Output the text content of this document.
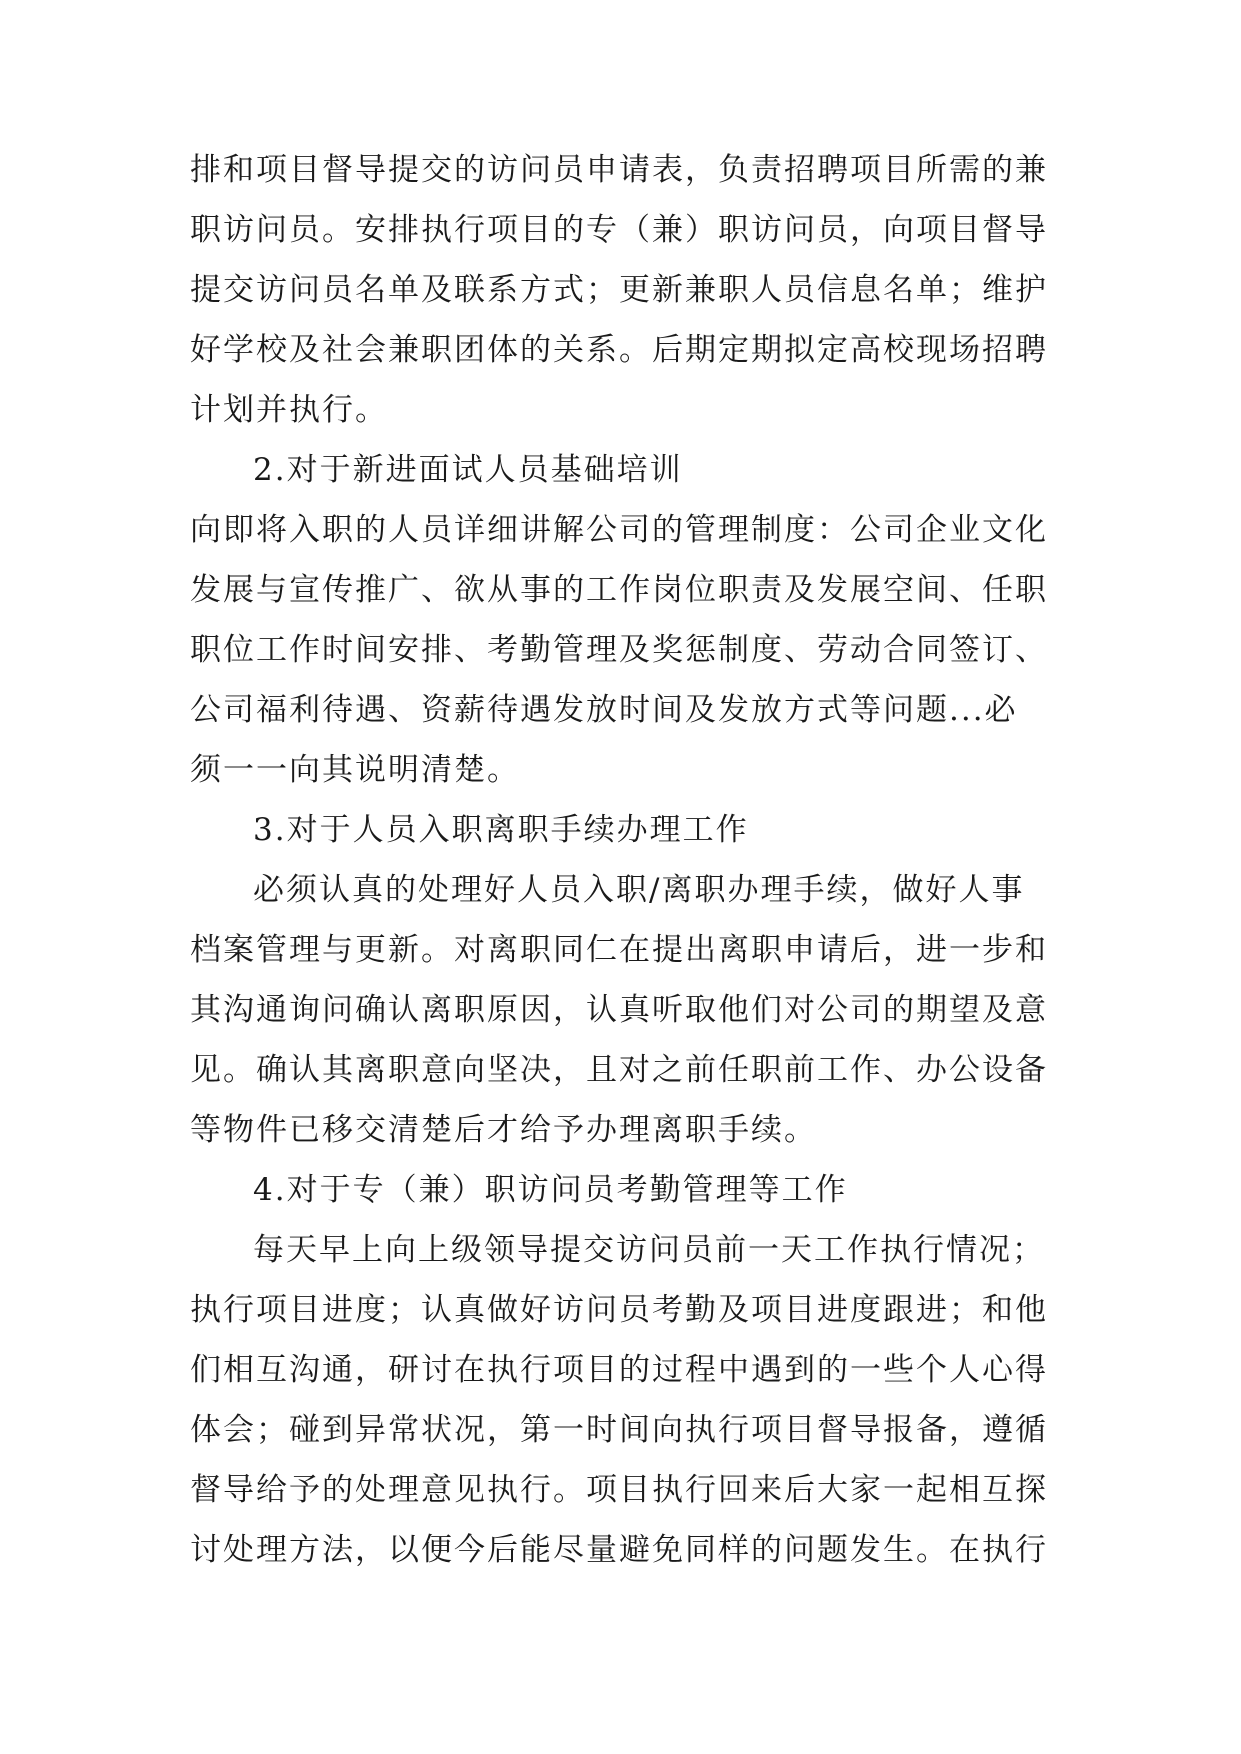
排和项目督导提交的访问员申请表，负责招聘项目所需的兼
职访问员。安排执行项目的专（兼）职访问员，向项目督导
提交访问员名单及联系方式；更新兼职人员信息名单；维护
好学校及社会兼职团体的关系。后期定期拟定高校现场招聘
计划并执行。
2.对于新进面试人员基础培训
向即将入职的人员详细讲解公司的管理制度：公司企业文化
发展与宣传推广、欲从事的工作岗位职责及发展空间、任职
职位工作时间安排、考勤管理及奖惩制度、劳动合同签订、
公司福利待遇、资薪待遇发放时间及发放方式等问题...必
须一一向其说明清楚。
3.对于人员入职离职手续办理工作
必须认真的处理好人员入职/离职办理手续，做好人事
档案管理与更新。对离职同仁在提出离职申请后，进一步和
其沟通询问确认离职原因，认真听取他们对公司的期望及意
见。确认其离职意向坚决，且对之前任职前工作、办公设备
等物件已移交清楚后才给予办理离职手续。
4.对于专（兼）职访问员考勤管理等工作
每天早上向上级领导提交访问员前一天工作执行情况；
执行项目进度；认真做好访问员考勤及项目进度跟进；和他
们相互沟通，研讨在执行项目的过程中遇到的一些个人心得
体会；碰到异常状况，第一时间向执行项目督导报备，遵循
督导给予的处理意见执行。项目执行回来后大家一起相互探
讨处理方法，以便今后能尽量避免同样的问题发生。在执行
